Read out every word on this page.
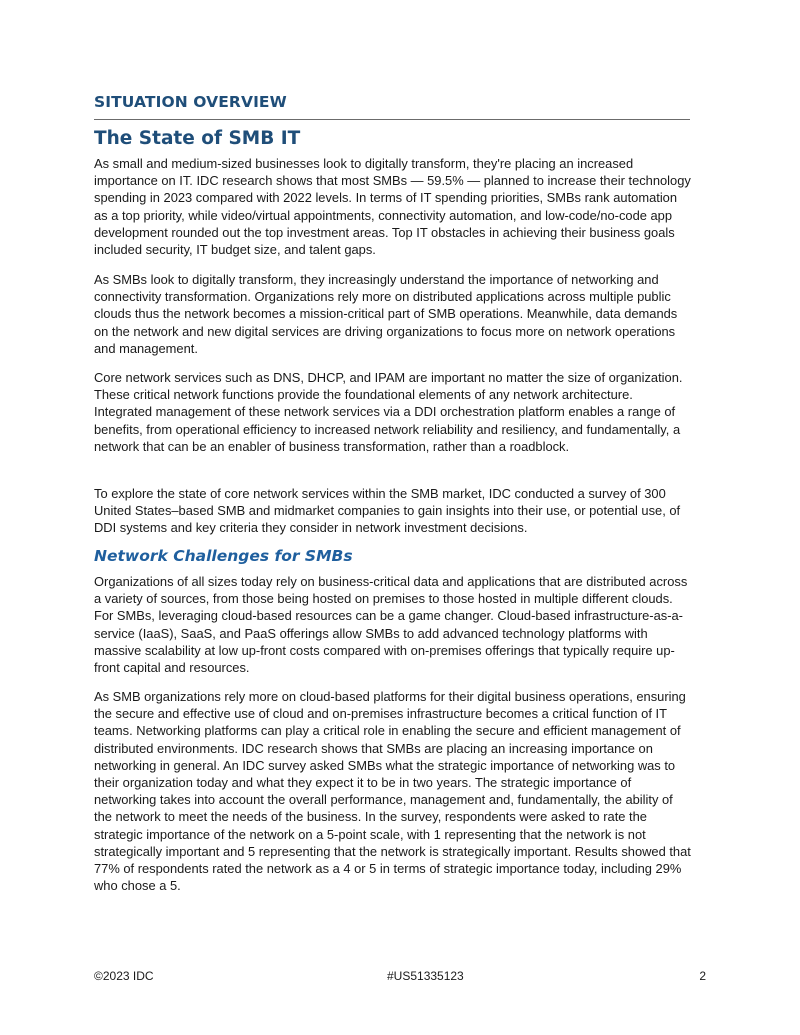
SITUATION OVERVIEW
The State of SMB IT

As small and medium-sized businesses look to digitally transform, they're placing an increased importance on IT. IDC research shows that most SMBs — 59.5% — planned to increase their technology spending in 2023 compared with 2022 levels. In terms of IT spending priorities, SMBs rank automation as a top priority, while video/virtual appointments, connectivity automation, and low-code/no-code app development rounded out the top investment areas. Top IT obstacles in achieving their business goals included security, IT budget size, and talent gaps.

As SMBs look to digitally transform, they increasingly understand the importance of networking and connectivity transformation. Organizations rely more on distributed applications across multiple public clouds thus the network becomes a mission-critical part of SMB operations. Meanwhile, data demands on the network and new digital services are driving organizations to focus more on network operations and management.

Core network services such as DNS, DHCP, and IPAM are important no matter the size of organization. These critical network functions provide the foundational elements of any network architecture. Integrated management of these network services via a DDI orchestration platform enables a range of benefits, from operational efficiency to increased network reliability and resiliency, and fundamentally, a network that can be an enabler of business transformation, rather than a roadblock.

To explore the state of core network services within the SMB market, IDC conducted a survey of 300 United States–based SMB and midmarket companies to gain insights into their use, or potential use, of DDI systems and key criteria they consider in network investment decisions.

Network Challenges for SMBs

Organizations of all sizes today rely on business-critical data and applications that are distributed across a variety of sources, from those being hosted on premises to those hosted in multiple different clouds. For SMBs, leveraging cloud-based resources can be a game changer. Cloud-based infrastructure-as-a-service (IaaS), SaaS, and PaaS offerings allow SMBs to add advanced technology platforms with massive scalability at low up-front costs compared with on-premises offerings that typically require up-front capital and resources.

As SMB organizations rely more on cloud-based platforms for their digital business operations, ensuring the secure and effective use of cloud and on-premises infrastructure becomes a critical function of IT teams. Networking platforms can play a critical role in enabling the secure and efficient management of distributed environments. IDC research shows that SMBs are placing an increasing importance on networking in general. An IDC survey asked SMBs what the strategic importance of networking was to their organization today and what they expect it to be in two years. The strategic importance of networking takes into account the overall performance, management and, fundamentally, the ability of the network to meet the needs of the business. In the survey, respondents were asked to rate the strategic importance of the network on a 5-point scale, with 1 representing that the network is not strategically important and 5 representing that the network is strategically important. Results showed that 77% of respondents rated the network as a 4 or 5 in terms of strategic importance today, including 29% who chose a 5.

©2023 IDC	#US51335123	2
